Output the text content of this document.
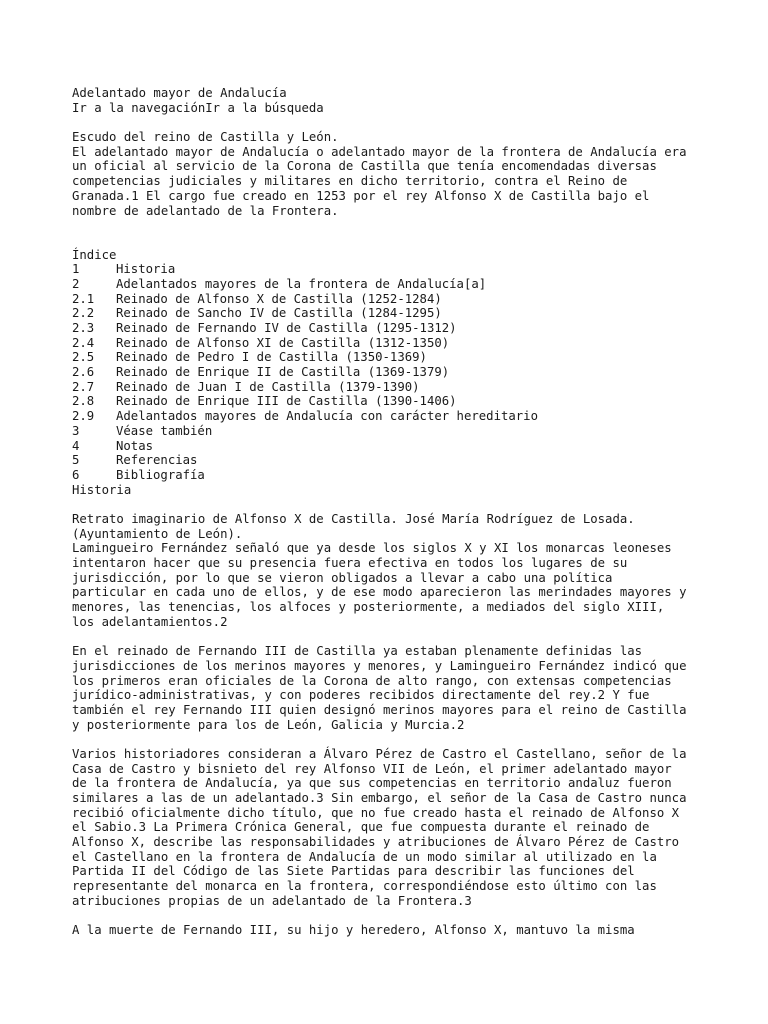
Adelantado mayor de Andalucía
Ir a la navegaciónIr a la búsqueda
Escudo del reino de Castilla y León.
El adelantado mayor de Andalucía o adelantado mayor de la frontera de Andalucía era
un oficial al servicio de la Corona de Castilla que tenía encomendadas diversas
competencias judiciales y militares en dicho territorio, contra el Reino de
Granada.1 El cargo fue creado en 1253 por el rey Alfonso X de Castilla bajo el
nombre de adelantado de la Frontera.
Índice
1	Historia
2	Adelantados mayores de la frontera de Andalucía[a]
2.1	Reinado de Alfonso X de Castilla (1252-1284)
2.2	Reinado de Sancho IV de Castilla (1284-1295)
2.3	Reinado de Fernando IV de Castilla (1295-1312)
2.4	Reinado de Alfonso XI de Castilla (1312-1350)
2.5	Reinado de Pedro I de Castilla (1350-1369)
2.6	Reinado de Enrique II de Castilla (1369-1379)
2.7	Reinado de Juan I de Castilla (1379-1390)
2.8	Reinado de Enrique III de Castilla (1390-1406)
2.9	Adelantados mayores de Andalucía con carácter hereditario
3	Véase también
4	Notas
5	Referencias
6	Bibliografía
Historia
Retrato imaginario de Alfonso X de Castilla. José María Rodríguez de Losada.
(Ayuntamiento de León).
Lamingueiro Fernández señaló que ya desde los siglos X y XI los monarcas leoneses
intentaron hacer que su presencia fuera efectiva en todos los lugares de su
jurisdicción, por lo que se vieron obligados a llevar a cabo una política
particular en cada uno de ellos, y de ese modo aparecieron las merindades mayores y
menores, las tenencias, los alfoces y posteriormente, a mediados del siglo XIII,
los adelantamientos.2
En el reinado de Fernando III de Castilla ya estaban plenamente definidas las
jurisdicciones de los merinos mayores y menores, y Lamingueiro Fernández indicó que
los primeros eran oficiales de la Corona de alto rango, con extensas competencias
jurídico-administrativas, y con poderes recibidos directamente del rey.2 Y fue
también el rey Fernando III quien designó merinos mayores para el reino de Castilla
y posteriormente para los de León, Galicia y Murcia.2
Varios historiadores consideran a Álvaro Pérez de Castro el Castellano, señor de la
Casa de Castro y bisnieto del rey Alfonso VII de León, el primer adelantado mayor
de la frontera de Andalucía, ya que sus competencias en territorio andaluz fueron
similares a las de un adelantado.3 Sin embargo, el señor de la Casa de Castro nunca
recibió oficialmente dicho título, que no fue creado hasta el reinado de Alfonso X
el Sabio.3 La Primera Crónica General, que fue compuesta durante el reinado de
Alfonso X, describe las responsabilidades y atribuciones de Álvaro Pérez de Castro
el Castellano en la frontera de Andalucía de un modo similar al utilizado en la
Partida II del Código de las Siete Partidas para describir las funciones del
representante del monarca en la frontera, correspondiéndose esto último con las
atribuciones propias de un adelantado de la Frontera.3
A la muerte de Fernando III, su hijo y heredero, Alfonso X, mantuvo la misma
